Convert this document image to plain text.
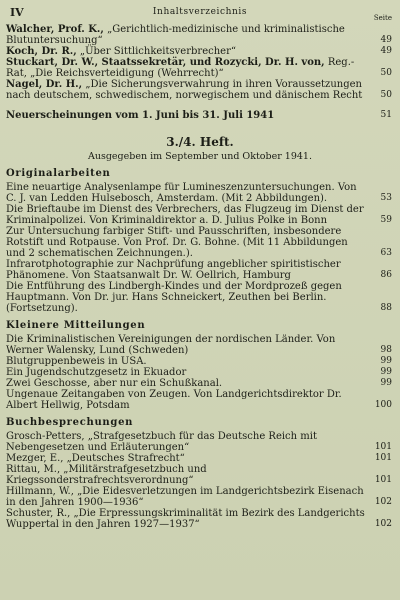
IV	Inhaltsverzeichnis
Seite
Walcher, Prof. K., „Gerichtlich-medizinische und kriminalistische Blutuntersuchung“	49
Koch, Dr. R., „Über Sittlichkeitsverbrecher“	49
Stuckart, Dr. W., Staatssekretär, und Rozycki, Dr. H. von, Reg.-Rat, „Die Reichsverteidigung (Wehrrecht)“	50
Nagel, Dr. H., „Die Sicherungsverwahrung in ihren Voraussetzungen nach deutschem, schwedischem, norwegischem und dänischem Recht	50
Neuerscheinungen vom 1. Juni bis 31. Juli 1941	51
3./4. Heft.
Ausgegeben im September und Oktober 1941.
Originalarbeiten
Eine neuartige Analysenlampe für Lumineszenzuntersuchungen. Von C. J. van Ledden Hulsebosch, Amsterdam. (Mit 2 Abbildungen).	53
Die Brieftaube im Dienst des Verbrechers, das Flugzeug im Dienst der Kriminalpolizei. Von Kriminaldirektor a. D. Julius Polke in Bonn	59
Zur Untersuchung farbiger Stift- und Pausschriften, insbesondere Rotstift und Rotpause. Von Prof. Dr. G. Bohne. (Mit 11 Abbildungen und 2 schematischen Zeichnungen.).	63
Infrarotphotographie zur Nachprüfung angeblicher spiritistischer Phänomene. Von Staatsanwalt Dr. W. Oellrich, Hamburg	86
Die Entführung des Lindbergh-Kindes und der Mordprozeß gegen Hauptmann. Von Dr. jur. Hans Schneickert, Zeuthen bei Berlin. (Fortsetzung).	88
Kleinere Mitteilungen
Die Kriminalistischen Vereinigungen der nordischen Länder. Von Werner Walensky, Lund (Schweden)	98
Blutgruppenbeweis in USA.	99
Ein Jugendschutzgesetz in Ekuador	99
Zwei Geschosse, aber nur ein Schußkanal.	99
Ungenaue Zeitangaben von Zeugen. Von Landgerichtsdirektor Dr. Albert Hellwig, Potsdam	100
Buchbesprechungen
Grosch-Petters, „Strafgesetzbuch für das Deutsche Reich mit Nebengesetzen und Erläuterungen“	101
Mezger, E., „Deutsches Strafrecht“	101
Rittau, M., „Militärstrafgesetzbuch und Kriegssonderstrafrechtsverordnung“	101
Hillmann, W., „Die Eidesverletzungen im Landgerichtsbezirk Eisenach in den Jahren 1900—1936“	102
Schuster, R., „Die Erpressungskriminalität im Bezirk des Landgerichts Wuppertal in den Jahren 1927—1937“	102
